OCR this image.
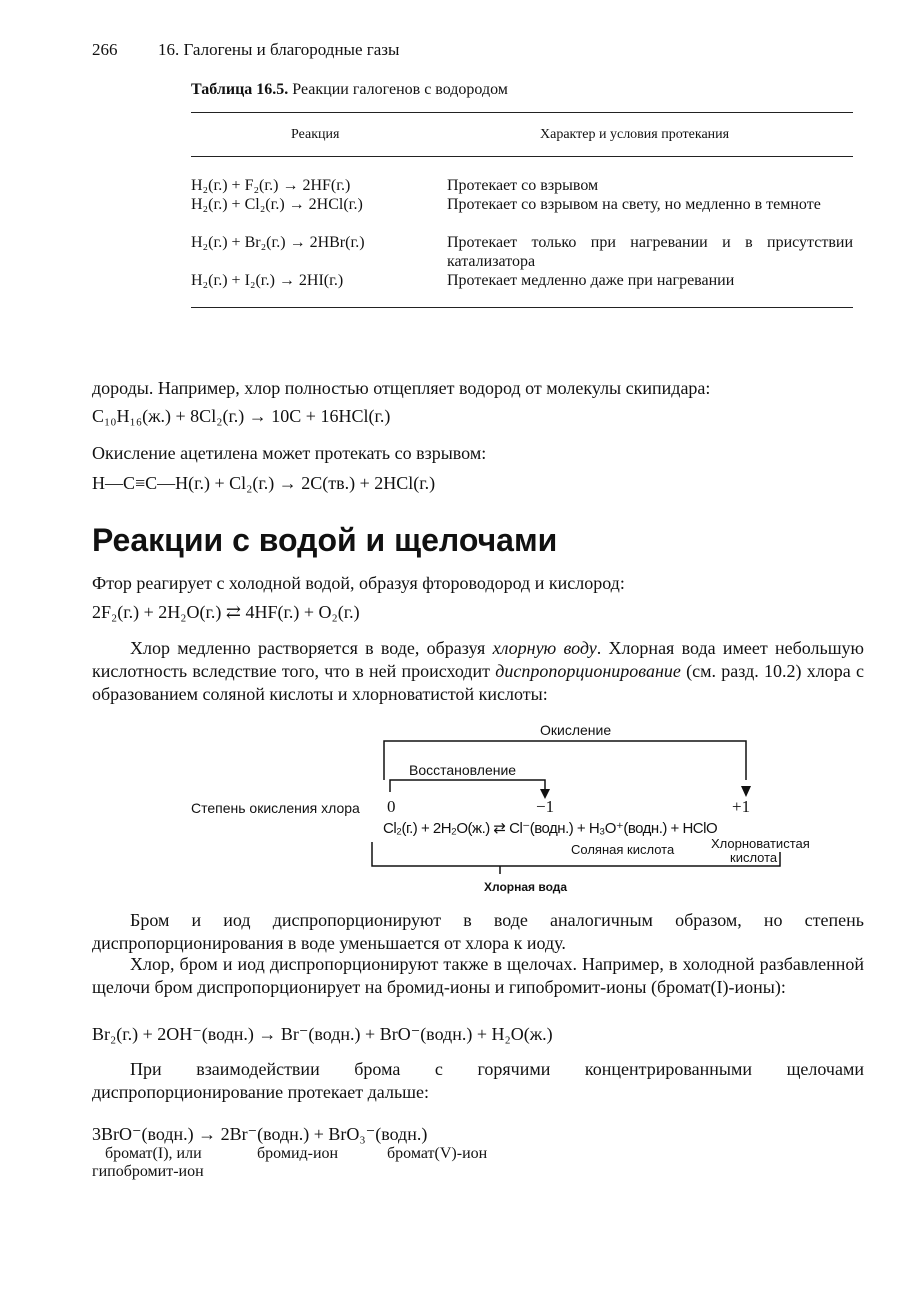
266 16. Галогены и благородные газы
Таблица 16.5. Реакции галогенов с водородом
Реакция	Характер и условия протекания
H₂(г.) + F₂(г.) → 2HF(г.)	Протекает со взрывом
H₂(г.) + Cl₂(г.) → 2HCl(г.)	Протекает со взрывом на свету, но медленно в темноте
H₂(г.) + Br₂(г.) → 2HBr(г.)	Протекает только при нагревании и в присутствии катализатора
H₂(г.) + I₂(г.) → 2HI(г.)	Протекает медленно даже при нагревании
дороды. Например, хлор полностью отщепляет водород от молекулы скипидара:
C₁₀H₁₆(ж.) + 8Cl₂(г.) → 10C + 16HCl(г.)
Окисление ацетилена может протекать со взрывом:
H—C≡C—H(г.) + Cl₂(г.) → 2C(тв.) + 2HCl(г.)
Реакции с водой и щелочами
Фтор реагирует с холодной водой, образуя фтороводород и кислород:
2F₂(г.) + 2H₂O(г.) ⇄ 4HF(г.) + O₂(г.)
Хлор медленно растворяется в воде, образуя хлорную воду. Хлорная вода имеет небольшую кислотность вследствие того, что в ней происходит диспропорционирование (см. разд. 10.2) хлора с образованием соляной кислоты и хлорноватистой кислоты:
Окисление
Восстановление
Степень окисления хлора 0	−1	+1
Cl₂(г.) + 2H₂O(ж.) ⇄ Cl⁻(водн.) + H₃O⁺(водн.) + HClO
Соляная кислота	Хлорноватистая
кислота
Хлорная вода
Бром и иод диспропорционируют в воде аналогичным образом, но степень диспропорционирования в воде уменьшается от хлора к иоду.
Хлор, бром и иод диспропорционируют также в щелочах. Например, в холодной разбавленной щелочи бром диспропорционирует на бромид-ионы и гипобромит-ионы (бромат(I)-ионы):
Br₂(г.) + 2OH⁻(водн.) → Br⁻(водн.) + BrO⁻(водн.) + H₂O(ж.)
При взаимодействии брома с горячими концентрированными щелочами диспропорционирование протекает дальше:
3BrO⁻(водн.) → 2Br⁻(водн.) + BrO₃⁻(водн.)
бромат(I), или
гипобромит-ион
бромид-ион	бромат(V)-ион
